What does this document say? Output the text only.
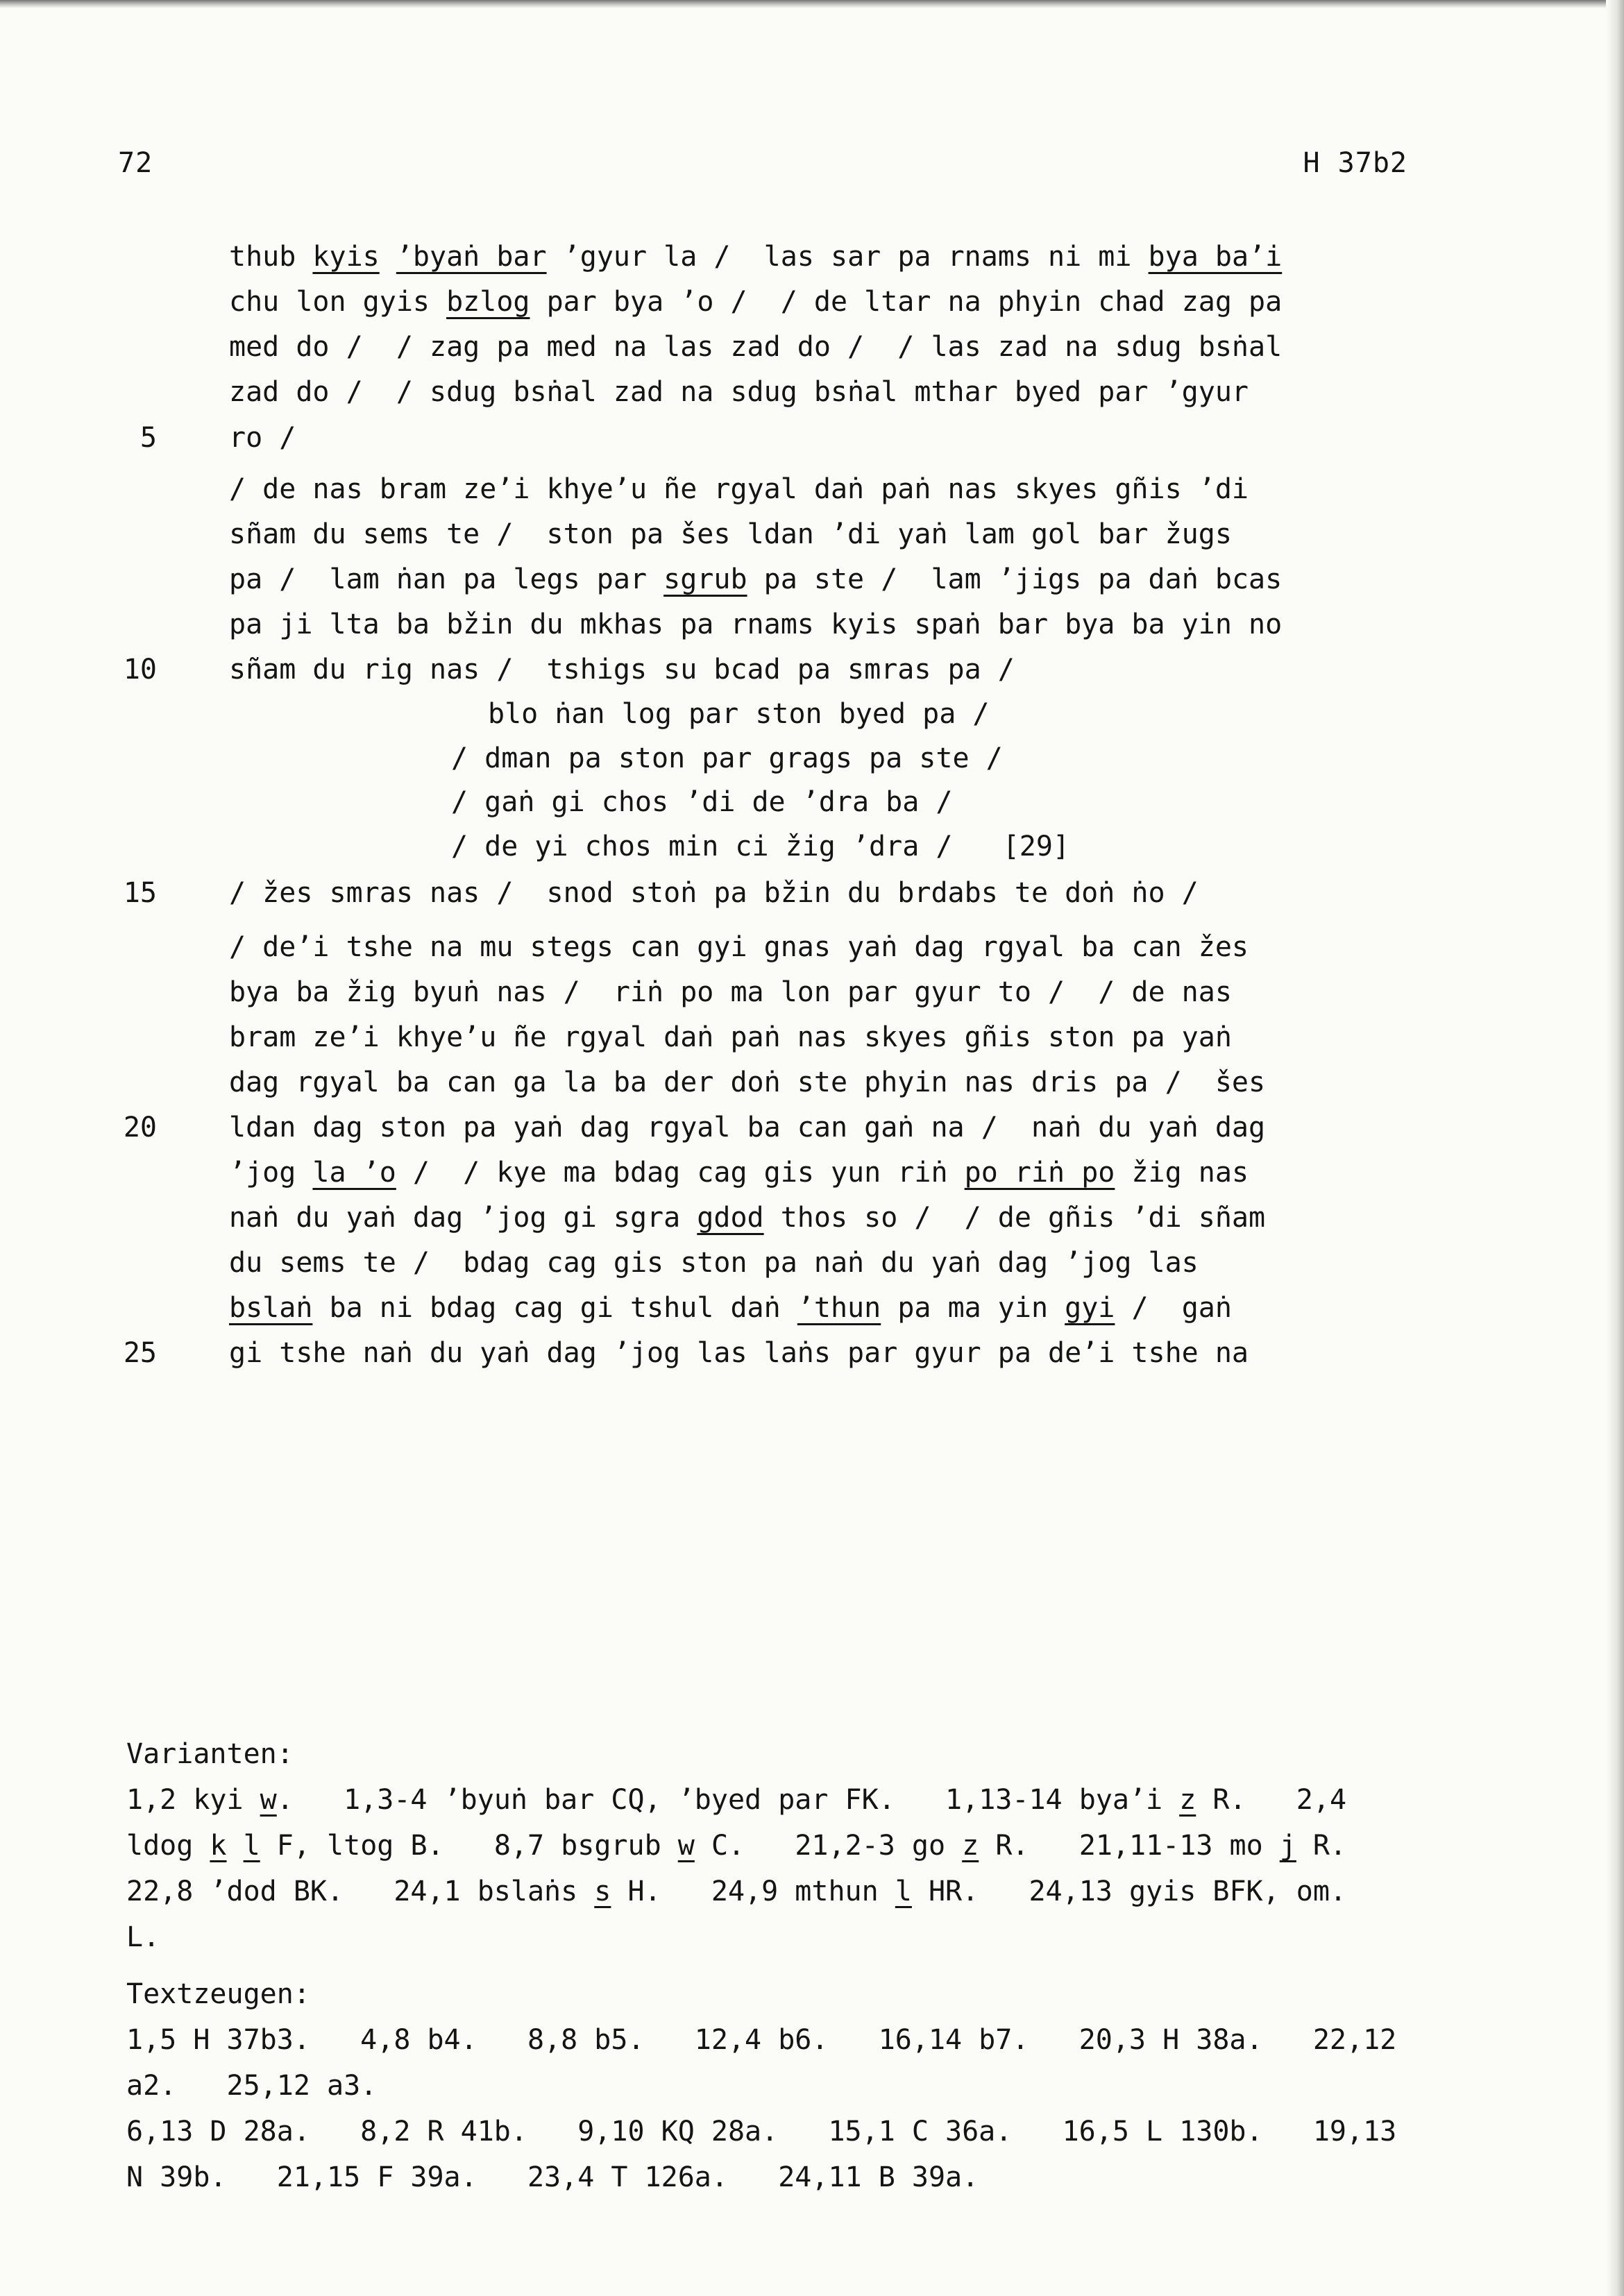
72	H 37b2
thub kyis ’byaṅ bar ’gyur la /  las sar pa rnams ni mi bya ba’i
chu lon gyis bzlog par bya ’o /  / de ltar na phyin chad zag pa
med do /  / zag pa med na las zad do /  / las zad na sdug bsṅal
zad do /  / sdug bsṅal zad na sdug bsṅal mthar byed par ’gyur
ro /
5
/ de nas bram ze’i khye’u ñe rgyal daṅ paṅ nas skyes gñis ’di
sñam du sems te /  ston pa šes ldan ’di yaṅ lam gol bar žugs
pa /  lam ṅan pa legs par sgrub pa ste /  lam ’jigs pa daṅ bcas
pa ji lta ba bžin du mkhas pa rnams kyis spaṅ bar bya ba yin no
sñam du rig nas /  tshigs su bcad pa smras pa /
10
blo ṅan log par ston byed pa /
/ dman pa ston par grags pa ste /
/ gaṅ gi chos ’di de ’dra ba /
/ de yi chos min ci žig ’dra /   [29]
/ žes smras nas /  snod stoṅ pa bžin du brdabs te doṅ ṅo /
15
/ de’i tshe na mu stegs can gyi gnas yaṅ dag rgyal ba can žes
bya ba žig byuṅ nas /  riṅ po ma lon par gyur to /  / de nas
bram ze’i khye’u ñe rgyal daṅ paṅ nas skyes gñis ston pa yaṅ
dag rgyal ba can ga la ba der doṅ ste phyin nas dris pa /  šes
ldan dag ston pa yaṅ dag rgyal ba can gaṅ na /  naṅ du yaṅ dag
20
’jog la ’o /  / kye ma bdag cag gis yun riṅ po riṅ po žig nas
naṅ du yaṅ dag ’jog gi sgra gdod thos so /  / de gñis ’di sñam
du sems te /  bdag cag gis ston pa naṅ du yaṅ dag ’jog las
bslaṅ ba ni bdag cag gi tshul daṅ ’thun pa ma yin gyi /  gaṅ
gi tshe naṅ du yaṅ dag ’jog las laṅs par gyur pa de’i tshe na
25
Varianten:
1,2 kyi w.   1,3-4 ’byuṅ bar CQ, ’byed par FK.   1,13-14 bya’i z R.   2,4
ldog k l F, ltog B.   8,7 bsgrub w C.   21,2-3 go z R.   21,11-13 mo j R.
22,8 ’dod BK.   24,1 bslaṅs s H.   24,9 mthun l HR.   24,13 gyis BFK, om.
L.
Textzeugen:
1,5 H 37b3.   4,8 b4.   8,8 b5.   12,4 b6.   16,14 b7.   20,3 H 38a.   22,12
a2.   25,12 a3.
6,13 D 28a.   8,2 R 41b.   9,10 KQ 28a.   15,1 C 36a.   16,5 L 130b.   19,13
N 39b.   21,15 F 39a.   23,4 T 126a.   24,11 B 39a.
